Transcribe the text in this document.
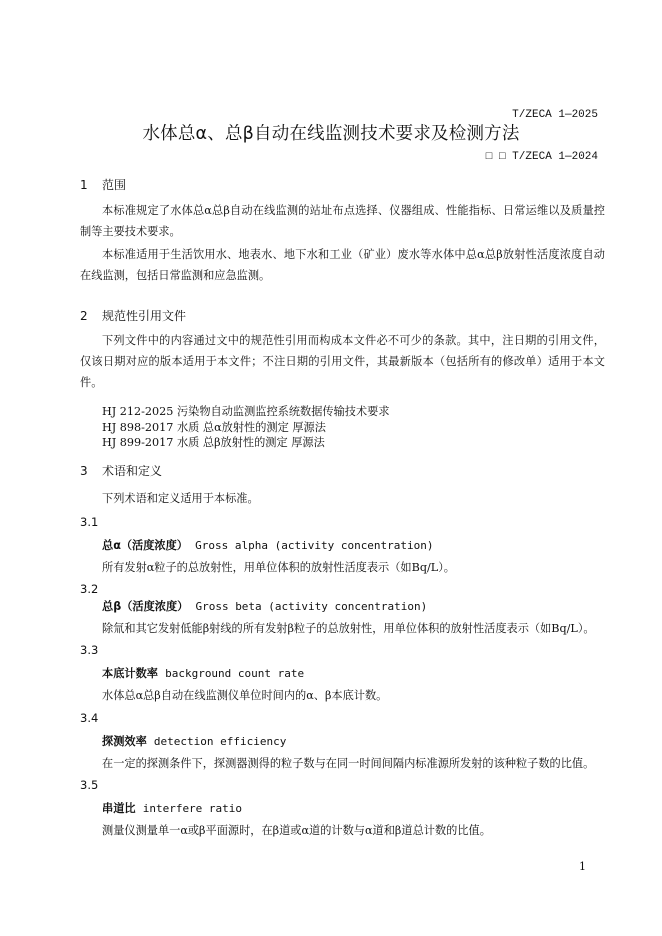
T/ZECA 1—2025

□ □ T/ZECA 1—2024

水体总α、总β自动在线监测技术要求及检测方法
1 范围
本标准规定了水体总α总β自动在线监测的站址布点选择、仪器组成、性能指标、日常运维以及质量控制等主要技术要求。
本标准适用于生活饮用水、地表水、地下水和工业（矿业）废水等水体中总α总β放射性活度浓度自动在线监测，包括日常监测和应急监测。
2 规范性引用文件
下列文件中的内容通过文中的规范性引用而构成本文件必不可少的条款。其中，注日期的引用文件，仅该日期对应的版本适用于本文件；不注日期的引用文件，其最新版本（包括所有的修改单）适用于本文件。
HJ 212-2025 污染物自动监测监控系统数据传输技术要求
HJ 898-2017 水质 总α放射性的测定 厚源法
HJ 899-2017 水质 总β放射性的测定 厚源法
3 术语和定义
下列术语和定义适用于本标准。
3.1
总α（活度浓度） Gross alpha (activity concentration)
所有发射α粒子的总放射性，用单位体积的放射性活度表示（如Bq/L）。
3.2
总β（活度浓度） Gross beta (activity concentration)
除氚和其它发射低能β射线的所有发射β粒子的总放射性，用单位体积的放射性活度表示（如Bq/L）。
3.3
本底计数率 background count rate
水体总α总β自动在线监测仪单位时间内的α、β本底计数。
3.4
探测效率 detection efficiency
在一定的探测条件下，探测器测得的粒子数与在同一时间间隔内标准源所发射的该种粒子数的比值。
3.5
串道比 interfere ratio
测量仪测量单一α或β平面源时，在β道或α道的计数与α道和β道总计数的比值。
1
